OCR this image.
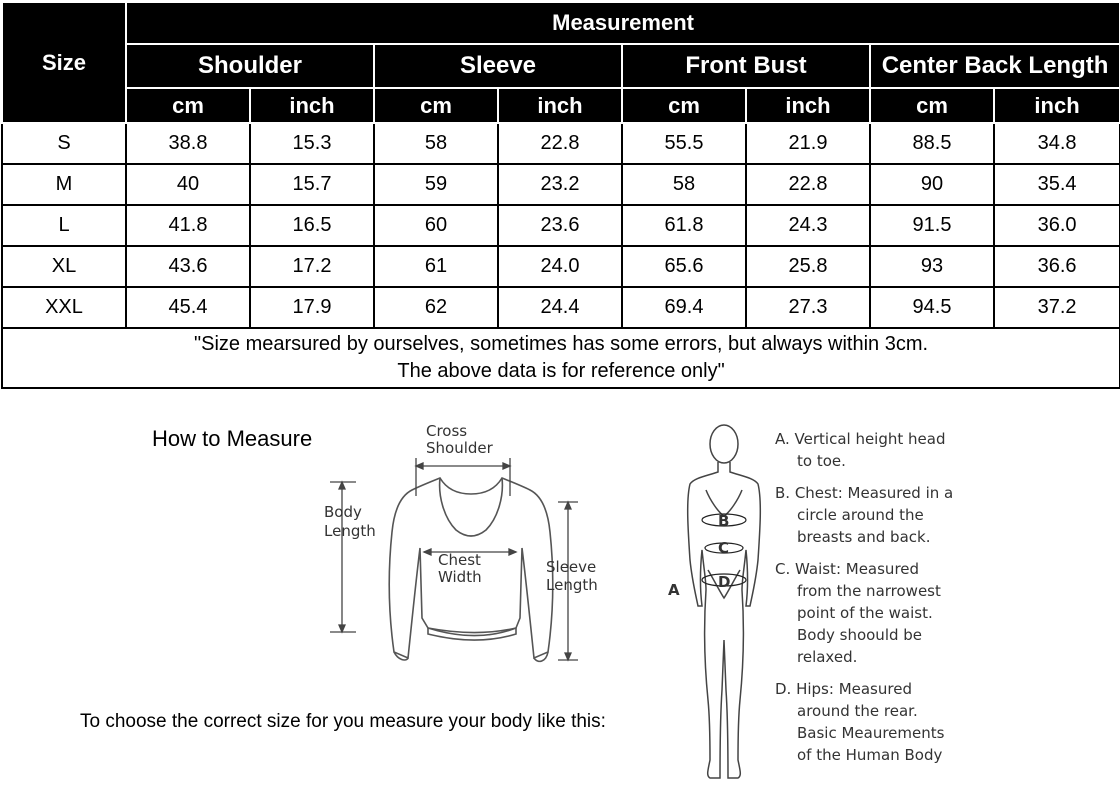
Size	Measurement							
	Shoulder		Sleeve		Front Bust		Center Back Length	
	cm	inch	cm	inch	cm	inch	cm	inch
S	38.8	15.3	58	22.8	55.5	21.9	88.5	34.8
M	40	15.7	59	23.2	58	22.8	90	35.4
L	41.8	16.5	60	23.6	61.8	24.3	91.5	36.0
XL	43.6	17.2	61	24.0	65.6	25.8	93	36.6
XXL	45.4	17.9	62	24.4	69.4	27.3	94.5	37.2

"Size mearsured by ourselves, sometimes has some errors, but always within 3cm.
The above data is for reference only"								
How to Measure	Cross
Shoulder
Body
Length
Chest
Width
Sleeve
Length
To choose the correct size for you measure your body like this:
B
C
D
A
A. Vertical height head
to toe.
B. Chest: Measured in a
circle around the
breasts and back.
C. Waist: Measured
from the narrowest
point of the waist.
Body shoould be
relaxed.
D. Hips: Measured
around the rear.
Basic Meaurements
of the Human Body
